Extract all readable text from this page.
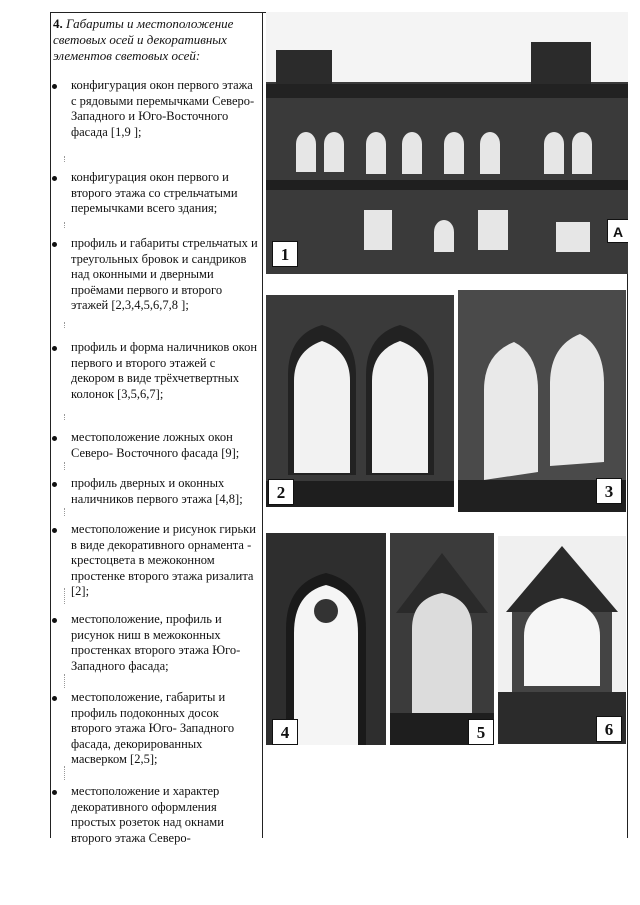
4. Габариты и местоположение световых осей и декоративных элементов световых осей:
конфигурация окон первого этажа с рядовыми перемычками Северо-Западного и Юго-Восточного фасада [1,9 ];
конфигурация окон первого и второго этажа со стрельчатыми перемычками всего здания;
профиль и габариты стрельчатых и треугольных бровок и сандриков над оконными и дверными проёмами первого и второго этажей [2,3,4,5,6,7,8 ];
профиль и форма наличников окон первого и второго этажей с декором в виде трёхчетвертных колонок [3,5,6,7];
местоположение ложных окон Северо- Восточного фасада [9];
профиль дверных и оконных наличников первого этажа [4,8];
местоположение и рисунок гирьки в виде декоративного орнамента - крестоцвета в межоконном простенке второго этажа ризалита [2];
местоположение, профиль и рисунок ниш в межоконных простенках второго этажа Юго-Западного фасада;
местоположение, габариты и профиль подоконных досок второго этажа Юго- Западного фасада, декорированных масверком [2,5];
местоположение и характер декоративного оформления простых розеток над окнами второго этажа Северо-
1
А
2	3
4	5	6
